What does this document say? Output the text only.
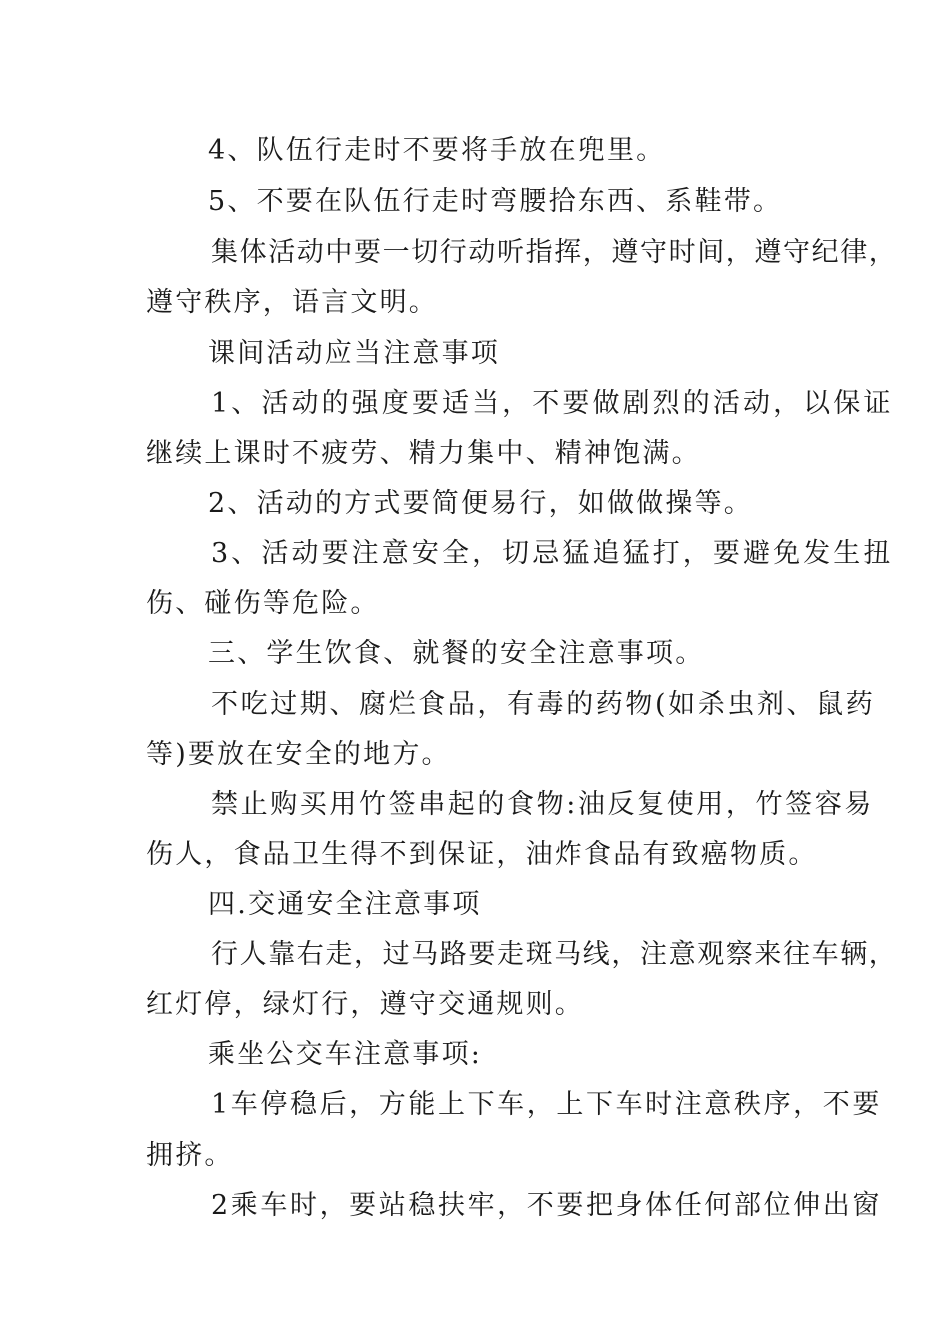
4、队伍行走时不要将手放在兜里。
5、不要在队伍行走时弯腰拾东西、系鞋带。
集体活动中要一切行动听指挥，遵守时间，遵守纪律，
遵守秩序，语言文明。
课间活动应当注意事项
1、活动的强度要适当，不要做剧烈的活动，以保证
继续上课时不疲劳、精力集中、精神饱满。
2、活动的方式要简便易行，如做做操等。
3、活动要注意安全，切忌猛追猛打，要避免发生扭
伤、碰伤等危险。
三、学生饮食、就餐的安全注意事项。
不吃过期、腐烂食品，有毒的药物(如杀虫剂、鼠药
等)要放在安全的地方。
禁止购买用竹签串起的食物:油反复使用，竹签容易
伤人，食品卫生得不到保证，油炸食品有致癌物质。
四.交通安全注意事项
行人靠右走，过马路要走斑马线，注意观察来往车辆，
红灯停，绿灯行，遵守交通规则。
乘坐公交车注意事项:
1车停稳后，方能上下车，上下车时注意秩序，不要
拥挤。
2乘车时，要站稳扶牢，不要把身体任何部位伸出窗
